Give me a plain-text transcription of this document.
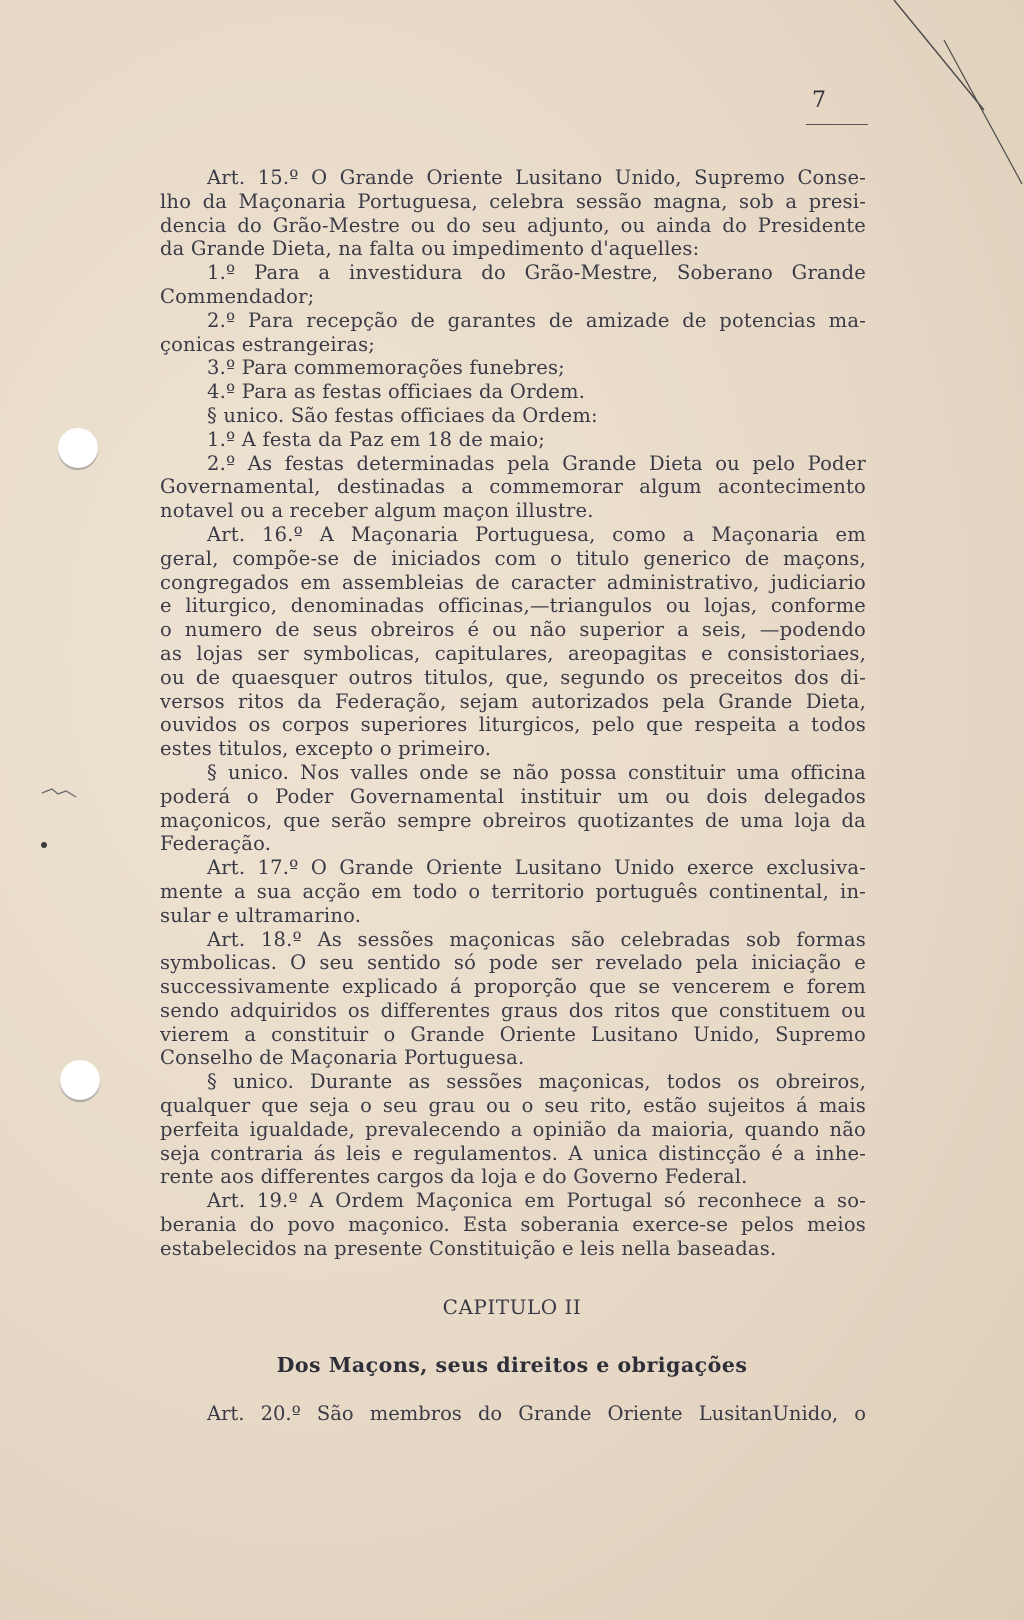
7
Art. 15.º O Grande Oriente Lusitano Unido, Supremo Conse-
lho da Maçonaria Portuguesa, celebra sessão magna, sob a presi-
dencia do Grão-Mestre ou do seu adjunto, ou ainda do Presidente
da Grande Dieta, na falta ou impedimento d'aquelles:
1.º Para a investidura do Grão-Mestre, Soberano Grande
Commendador;
2.º Para recepção de garantes de amizade de potencias ma-
çonicas estrangeiras;
3.º Para commemorações funebres;
4.º Para as festas officiaes da Ordem.
§ unico. São festas officiaes da Ordem:
1.º A festa da Paz em 18 de maio;
2.º As festas determinadas pela Grande Dieta ou pelo Poder
Governamental, destinadas a commemorar algum acontecimento
notavel ou a receber algum maçon illustre.
Art. 16.º A Maçonaria Portuguesa, como a Maçonaria em
geral, compõe-se de iniciados com o titulo generico de maçons,
congregados em assembleias de caracter administrativo, judiciario
e liturgico, denominadas officinas,—triangulos ou lojas, conforme
o numero de seus obreiros é ou não superior a seis, —podendo
as lojas ser symbolicas, capitulares, areopagitas e consistoriaes,
ou de quaesquer outros titulos, que, segundo os preceitos dos di-
versos ritos da Federação, sejam autorizados pela Grande Dieta,
ouvidos os corpos superiores liturgicos, pelo que respeita a todos
estes titulos, excepto o primeiro.
§ unico. Nos valles onde se não possa constituir uma officina
poderá o Poder Governamental instituir um ou dois delegados
maçonicos, que serão sempre obreiros quotizantes de uma loja da
Federação.
Art. 17.º O Grande Oriente Lusitano Unido exerce exclusiva-
mente a sua acção em todo o territorio português continental, in-
sular e ultramarino.
Art. 18.º As sessões maçonicas são celebradas sob formas
symbolicas. O seu sentido só pode ser revelado pela iniciação e
successivamente explicado á proporção que se vencerem e forem
sendo adquiridos os differentes graus dos ritos que constituem ou
vierem a constituir o Grande Oriente Lusitano Unido, Supremo
Conselho de Maçonaria Portuguesa.
§ unico. Durante as sessões maçonicas, todos os obreiros,
qualquer que seja o seu grau ou o seu rito, estão sujeitos á mais
perfeita igualdade, prevalecendo a opinião da maioria, quando não
seja contraria ás leis e regulamentos. A unica distincção é a inhe-
rente aos differentes cargos da loja e do Governo Federal.
Art. 19.º A Ordem Maçonica em Portugal só reconhece a so-
berania do povo maçonico. Esta soberania exerce-se pelos meios
estabelecidos na presente Constituição e leis nella baseadas.
CAPITULO II
Dos Maçons, seus direitos e obrigações
Art. 20.º São membros do Grande Oriente LusitanUnido, o
